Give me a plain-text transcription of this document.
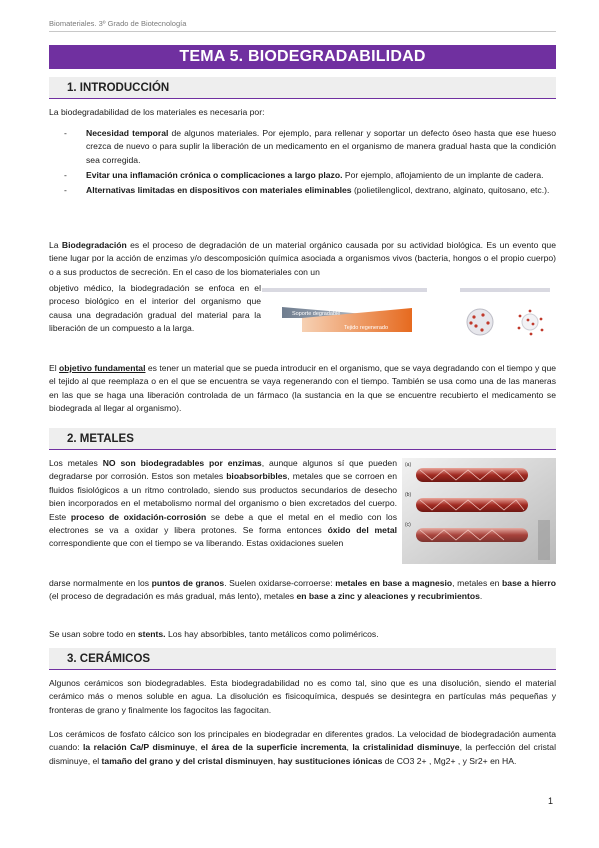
Biomateriales. 3º Grado de Biotecnología
TEMA 5. BIODEGRADABILIDAD
1. INTRODUCCIÓN

La biodegradabilidad de los materiales es necesaria por:

- Necesidad temporal de algunos materiales. Por ejemplo, para rellenar y soportar un defecto óseo hasta que ese hueso crezca de nuevo o para suplir la liberación de un medicamento en el organismo de manera gradual hasta que la condición sea corregida.
- Evitar una inflamación crónica o complicaciones a largo plazo. Por ejemplo, aflojamiento de un implante de cadera.
- Alternativas limitadas en dispositivos con materiales eliminables (polietilenglicol, dextrano, alginato, quitosano, etc.).

La Biodegradación es el proceso de degradación de un material orgánico causada por su actividad biológica. Es un evento que tiene lugar por la acción de enzimas y/o descomposición química asociada a organismos vivos (bacteria, hongos o el propio cuerpo) o a sus productos de secreción. En el caso de los biomateriales con un

objetivo médico, la biodegradación se enfoca en el proceso biológico en el interior del organismo que causa una degradación gradual del material para la liberación de un compuesto a la larga.

Soporte degradable
Tejido regenerado

El objetivo fundamental es tener un material que se pueda introducir en el organismo, que se vaya degradando con el tiempo y que el tejido al que reemplaza o en el que se encuentra se vaya regenerando con el tiempo. También se usa como una de las maneras en las que se haga una liberación controlada de un fármaco (la sustancia en la que se encuentre recubierto el medicamento se biodegrada al llegar al organismo).

2. METALES

Los metales NO son biodegradables por enzimas, aunque algunos sí que pueden degradarse por corrosión. Estos son metales bioabsorbibles, metales que se corroen en fluidos fisiológicos a un ritmo controlado, siendo sus productos secundarios de desecho bien incorporados en el metabolismo normal del organismo o bien excretados del cuerpo. Este proceso de oxidación-corrosión se debe a que el metal en el medio con los electrones se va a oxidar y libera protones. Se forma entonces óxido del metal correspondiente que con el tiempo se va liberando. Estas oxidaciones suelen

(a)
(b)
(c)

darse normalmente en los puntos de granos. Suelen oxidarse-corroerse: metales en base a magnesio, metales en base a hierro (el proceso de degradación es más gradual, más lento), metales en base a zinc y aleaciones y recubrimientos.

Se usan sobre todo en stents. Los hay absorbibles, tanto metálicos como poliméricos.

3. CERÁMICOS

Algunos cerámicos son biodegradables. Esta biodegradabilidad no es como tal, sino que es una disolución, siendo el material cerámico más o menos soluble en agua. La disolución es fisicoquímica, después se desintegra en partículas más pequeñas y fronteras de grano y finalmente los fagocitos las fagocitan.

Los cerámicos de fosfato cálcico son los principales en biodegradar en diferentes grados. La velocidad de biodegradación aumenta cuando: la relación Ca/P disminuye, el área de la superficie incrementa, la cristalinidad disminuye, la perfección del cristal disminuye, el tamaño del grano y del cristal disminuyen, hay sustituciones iónicas de CO3 2+ , Mg2+ , y Sr2+ en HA.

1
